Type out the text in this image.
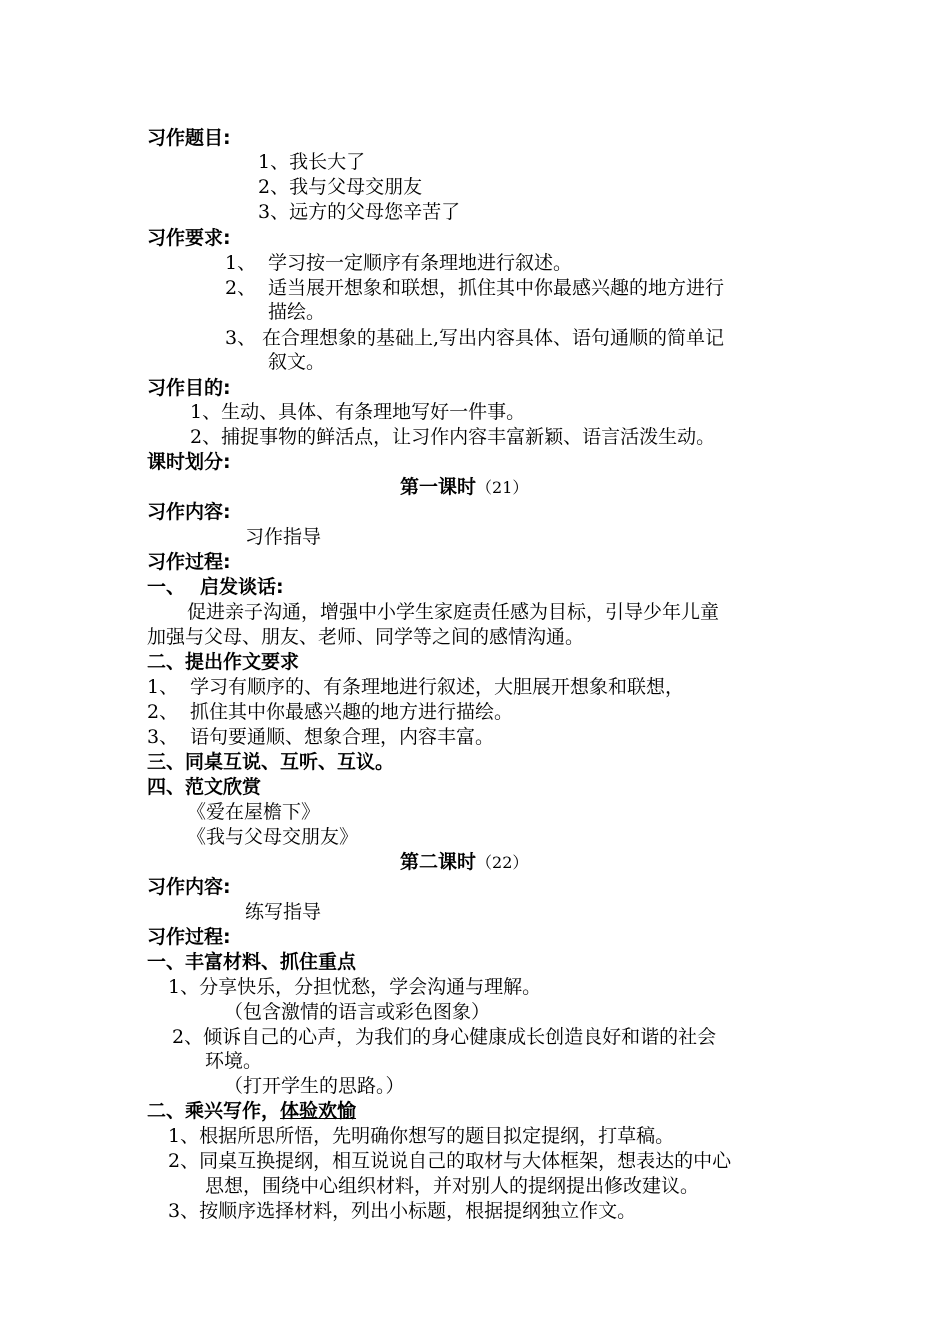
习作题目:
1、我长大了
2、我与父母交朋友
3、远方的父母您辛苦了
习作要求:
1、 学习按一定顺序有条理地进行叙述。
2、 适当展开想象和联想，抓住其中你最感兴趣的地方进行
描绘。
3、 在合理想象的基础上,写出内容具体、语句通顺的简单记
叙文。
习作目的:
1、生动、具体、有条理地写好一件事。
2、捕捉事物的鲜活点，让习作内容丰富新颖、语言活泼生动。
课时划分:
第一课时（21）
习作内容:
习作指导
习作过程:
一、 启发谈话:
促进亲子沟通，增强中小学生家庭责任感为目标，引导少年儿童
加强与父母、朋友、老师、同学等之间的感情沟通。
二、提出作文要求
1、 学习有顺序的、有条理地进行叙述，大胆展开想象和联想，
2、 抓住其中你最感兴趣的地方进行描绘。
3、 语句要通顺、想象合理，内容丰富。
三、同桌互说、互听、互议。
四、范文欣赏
《爱在屋檐下》
《我与父母交朋友》
第二课时（22）
习作内容:
练写指导
习作过程:
一、丰富材料、抓住重点
1、分享快乐，分担忧愁，学会沟通与理解。
（包含激情的语言或彩色图象）
2、倾诉自己的心声，为我们的身心健康成长创造良好和谐的社会
环境。
（打开学生的思路。）
二、乘兴写作，体验欢愉
1、根据所思所悟，先明确你想写的题目拟定提纲，打草稿。
2、同桌互换提纲，相互说说自己的取材与大体框架，想表达的中心
思想，围绕中心组织材料，并对别人的提纲提出修改建议。
3、按顺序选择材料，列出小标题，根据提纲独立作文。
